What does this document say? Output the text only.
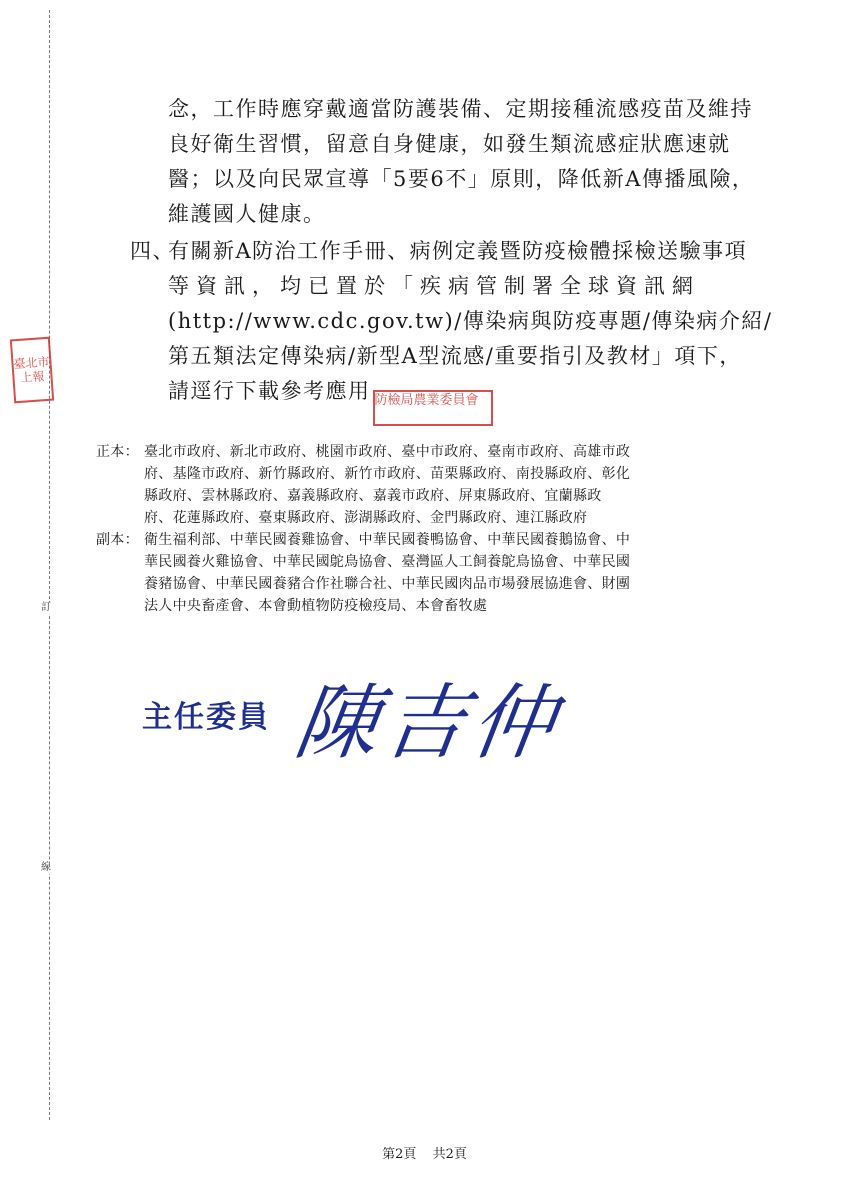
訂
線
臺北市上報
念，工作時應穿戴適當防護裝備、定期接種流感疫苗及維持
良好衛生習慣，留意自身健康，如發生類流感症狀應速就
醫；以及向民眾宣導「5要6不」原則，降低新A傳播風險，
維護國人健康。
四、
有關新A防治工作手冊、病例定義暨防疫檢體採檢送驗事項
等資訊，均已置於「疾病管制署全球資訊網
(http://www.cdc.gov.tw)/傳染病與防疫專題/傳染病介紹/
第五類法定傳染病/新型A型流感/重要指引及教材」項下，
請逕行下載參考應用 防檢局農業委員會
正本： 臺北市政府、新北市政府、桃園市政府、臺中市政府、臺南市政府、高雄市政
府、基隆市政府、新竹縣政府、新竹市政府、苗栗縣政府、南投縣政府、彰化
縣政府、雲林縣政府、嘉義縣政府、嘉義市政府、屏東縣政府、宜蘭縣政
府、花蓮縣政府、臺東縣政府、澎湖縣政府、金門縣政府、連江縣政府
副本： 衛生福利部、中華民國養雞協會、中華民國養鴨協會、中華民國養鵝協會、中
華民國養火雞協會、中華民國鴕鳥協會、臺灣區人工飼養鴕鳥協會、中華民國
養豬協會、中華民國養豬合作社聯合社、中華民國肉品市場發展協進會、財團
法人中央畜產會、本會動植物防疫檢疫局、本會畜牧處
主任委員 陳吉仲
第2頁 共2頁
